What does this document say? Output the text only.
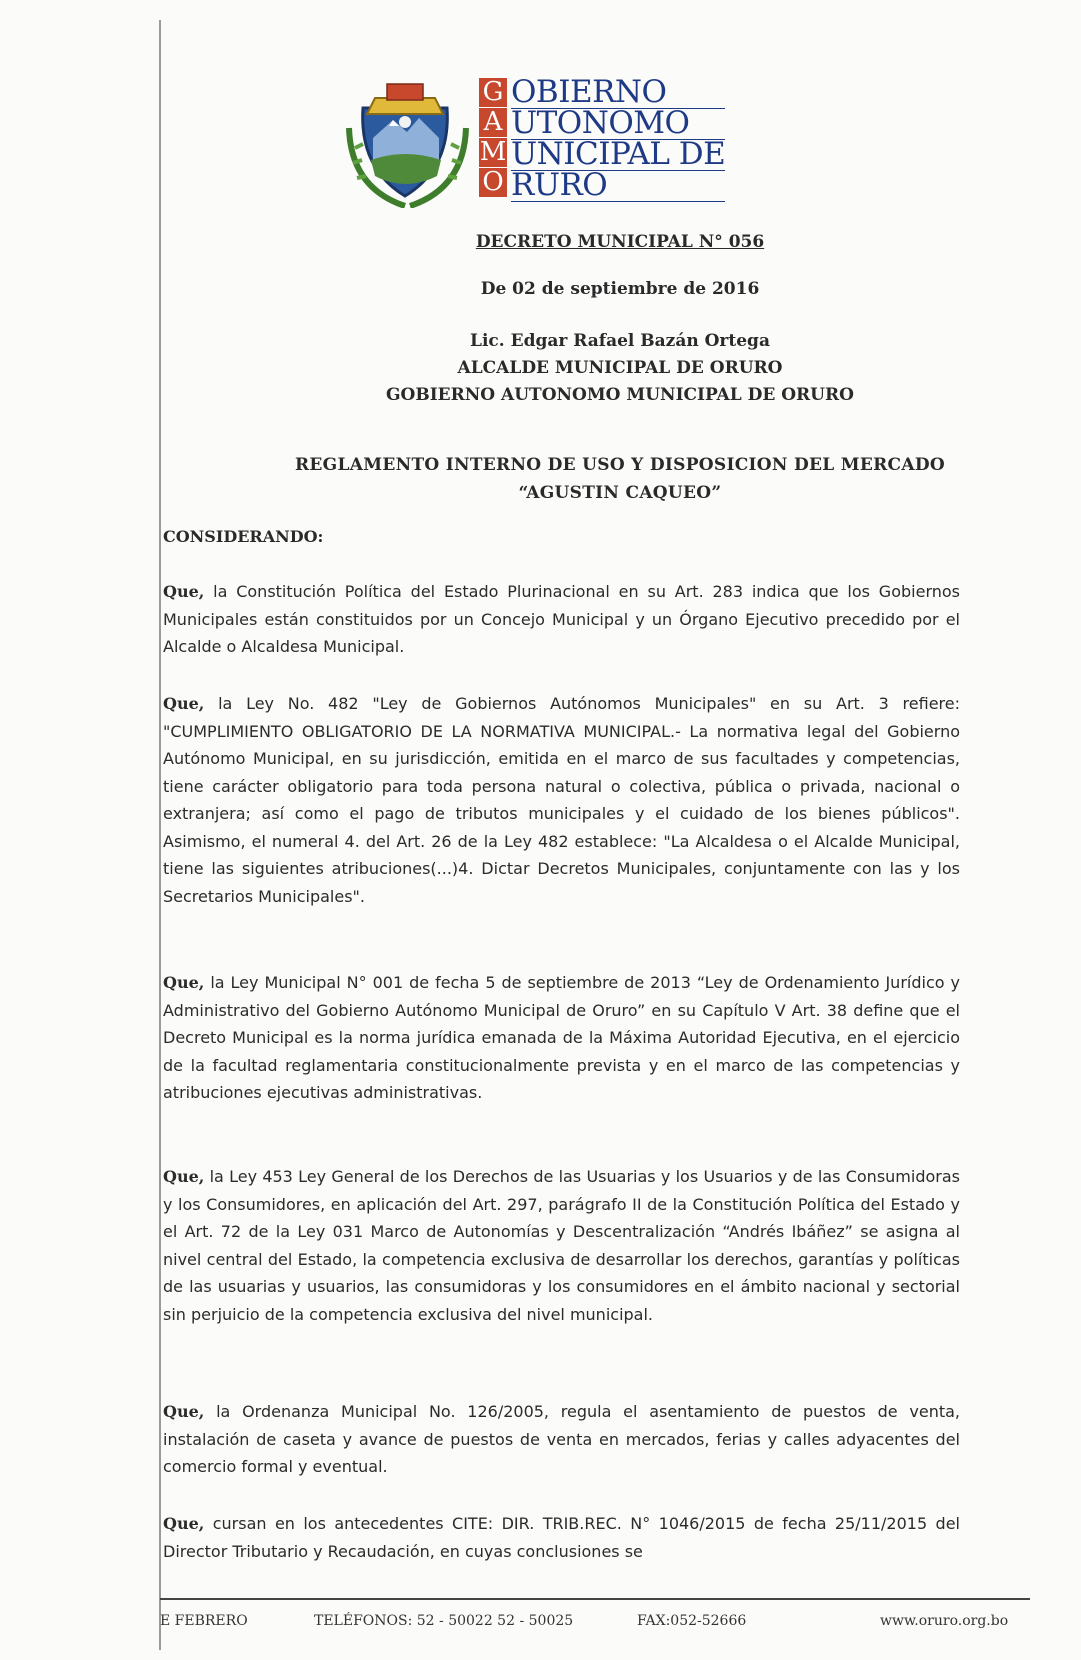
G
A
M
O
OBIERNO
UTONOMO
UNICIPAL DE
RURO
DECRETO MUNICIPAL N° 056
De 02 de septiembre de 2016
Lic. Edgar Rafael Bazán Ortega
ALCALDE MUNICIPAL DE ORURO
GOBIERNO AUTONOMO MUNICIPAL DE ORURO
REGLAMENTO INTERNO DE USO Y DISPOSICION DEL MERCADO
“AGUSTIN CAQUEO”
CONSIDERANDO:
Que, la Constitución Política del Estado Plurinacional en su Art. 283 indica que los Gobiernos Municipales están constituidos por un Concejo Municipal y un Órgano Ejecutivo precedido por el Alcalde o Alcaldesa Municipal.
Que, la Ley No. 482 "Ley de Gobiernos Autónomos Municipales" en su Art. 3 refiere: "CUMPLIMIENTO OBLIGATORIO DE LA NORMATIVA MUNICIPAL.- La normativa legal del Gobierno Autónomo Municipal, en su jurisdicción, emitida en el marco de sus facultades y competencias, tiene carácter obligatorio para toda persona natural o colectiva, pública o privada, nacional o extranjera; así como el pago de tributos municipales y el cuidado de los bienes públicos". Asimismo, el numeral 4. del Art. 26 de la Ley 482 establece: "La Alcaldesa o el Alcalde Municipal, tiene las siguientes atribuciones(...)4. Dictar Decretos Municipales, conjuntamente con las y los Secretarios Municipales".
Que, la Ley Municipal N° 001 de fecha 5 de septiembre de 2013 “Ley de Ordenamiento Jurídico y Administrativo del Gobierno Autónomo Municipal de Oruro” en su Capítulo V Art. 38 define que el Decreto Municipal es la norma jurídica emanada de la Máxima Autoridad Ejecutiva, en el ejercicio de la facultad reglamentaria constitucionalmente prevista y en el marco de las competencias y atribuciones ejecutivas administrativas.
Que, la Ley 453 Ley General de los Derechos de las Usuarias y los Usuarios y de las Consumidoras y los Consumidores, en aplicación del Art. 297, parágrafo II de la Constitución Política del Estado y el Art. 72 de la Ley 031 Marco de Autonomías y Descentralización “Andrés Ibáñez” se asigna al nivel central del Estado, la competencia exclusiva de desarrollar los derechos, garantías y políticas de las usuarias y usuarios, las consumidoras y los consumidores en el ámbito nacional y sectorial sin perjuicio de la competencia exclusiva del nivel municipal.
Que, la Ordenanza Municipal No. 126/2005, regula el asentamiento de puestos de venta, instalación de caseta y avance de puestos de venta en mercados, ferias y calles adyacentes del comercio formal y eventual.
Que, cursan en los antecedentes CITE: DIR. TRIB.REC. N° 1046/2015 de fecha 25/11/2015 del Director Tributario y Recaudación, en cuyas conclusiones se
E FEBRERO	TELÉFONOS: 52 - 50022 52 - 50025	FAX:052-52666	www.oruro.org.bo
